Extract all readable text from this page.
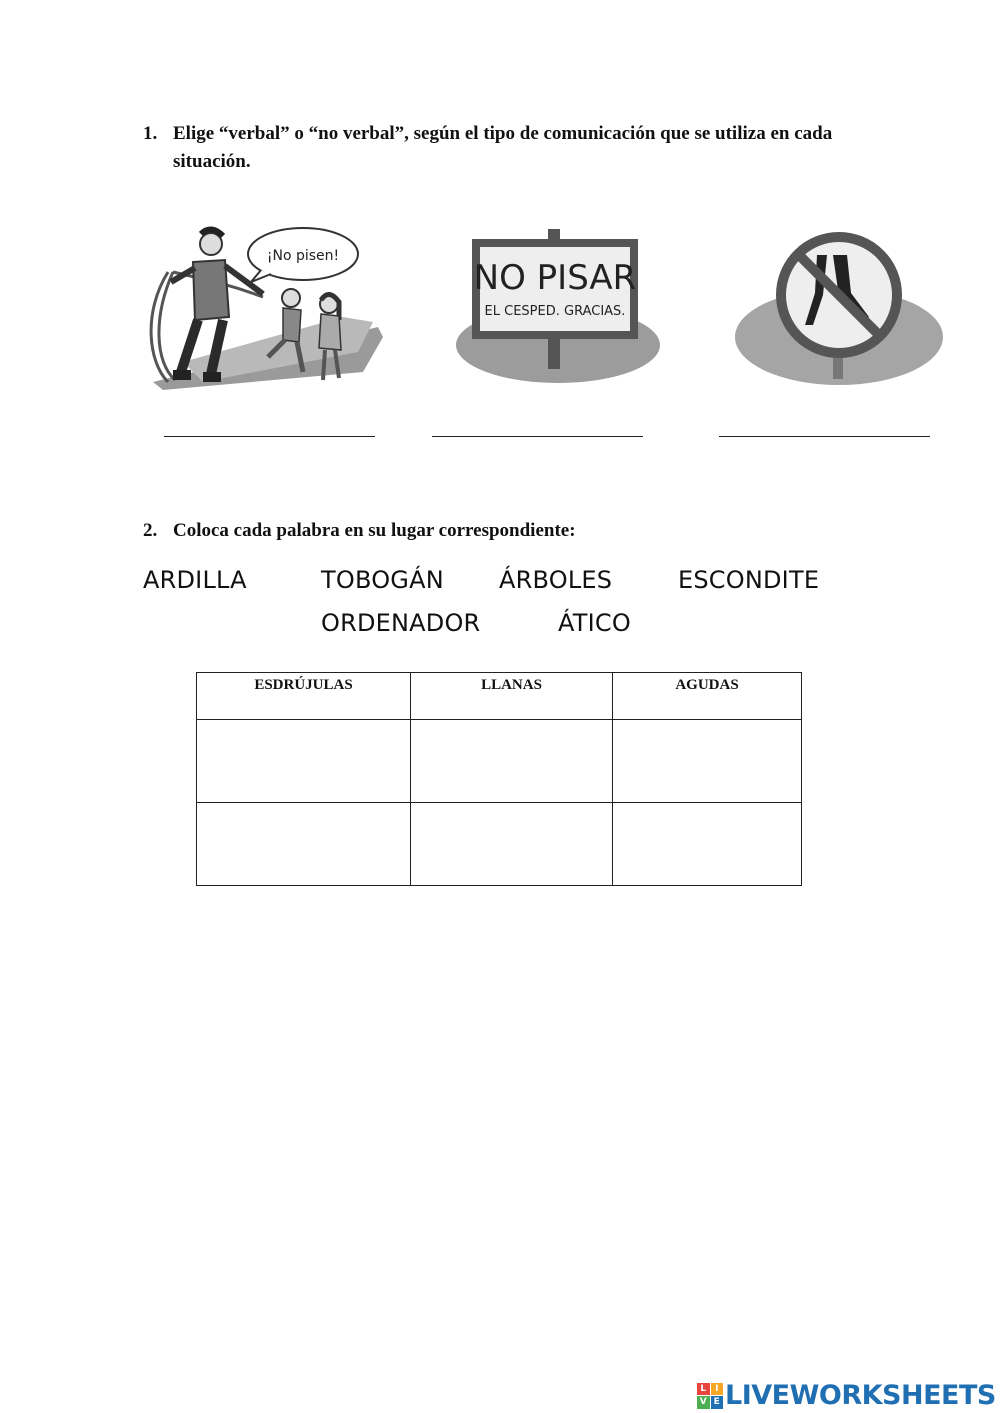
1. Elige “verbal” o “no verbal”, según el tipo de comunicación que se utiliza en cada situación.
¡No pisen!
NO PISAR
EL CESPED. GRACIAS.
2. Coloca cada palabra en su lugar correspondiente:
ARDILLA	TOBOGÁN ÁRBOLES	ESCONDITE
ORDENADOR	ÁTICO
ESDRÚJULAS	LLANAS	AGUDAS

L I
V E LIVEWORKSHEETS
